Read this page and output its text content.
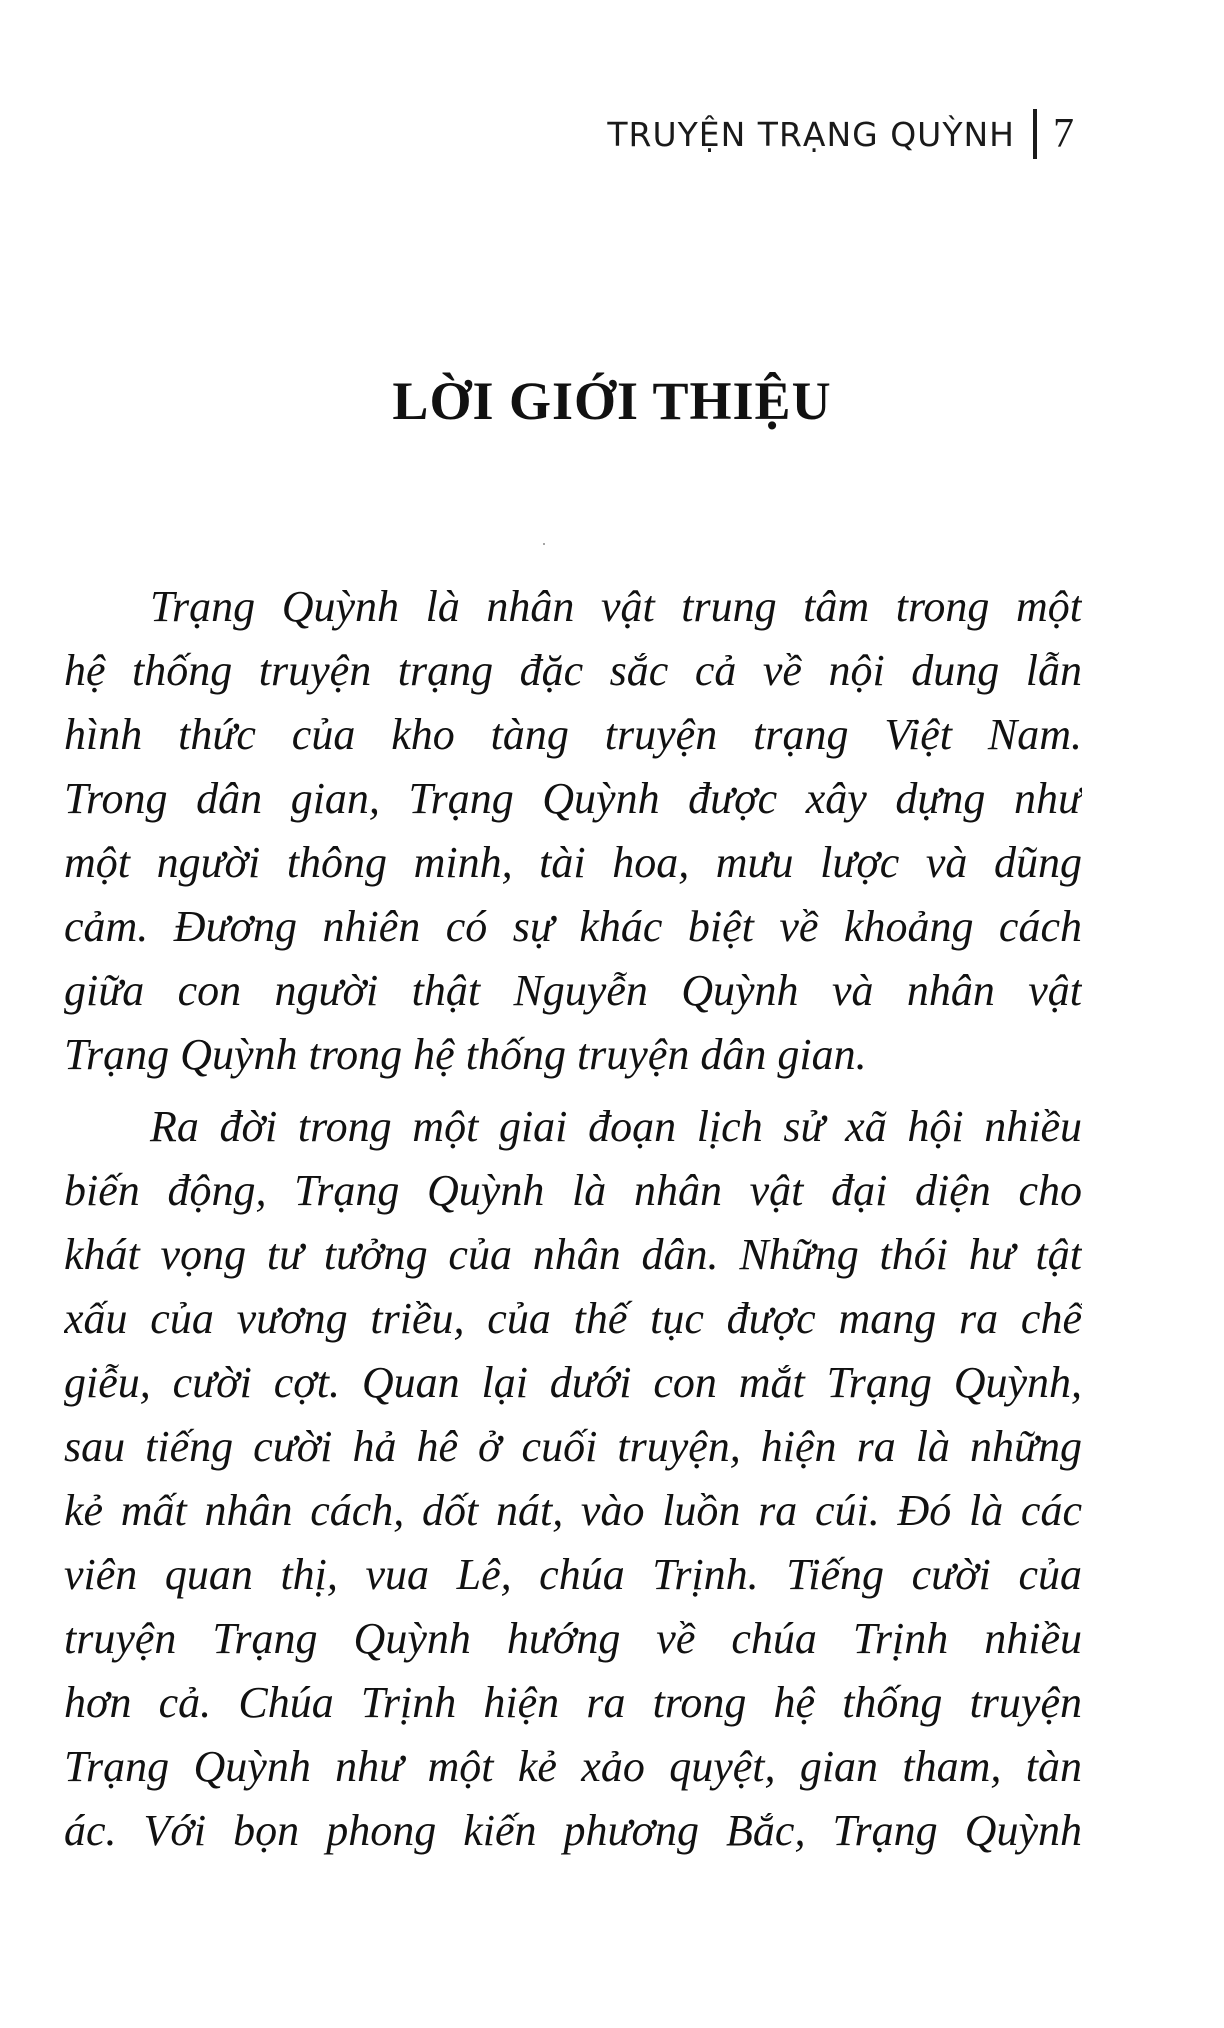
TRUYỆN TRẠNG QUỲNH 7
LỜI GIỚI THIỆU
Trạng Quỳnh là nhân vật trung tâm trong một
hệ thống truyện trạng đặc sắc cả về nội dung lẫn
hình thức của kho tàng truyện trạng Việt Nam.
Trong dân gian, Trạng Quỳnh được xây dựng như
một người thông minh, tài hoa, mưu lược và dũng
cảm. Đương nhiên có sự khác biệt về khoảng cách
giữa con người thật Nguyễn Quỳnh và nhân vật
Trạng Quỳnh trong hệ thống truyện dân gian.
Ra đời trong một giai đoạn lịch sử xã hội nhiều
biến động, Trạng Quỳnh là nhân vật đại diện cho
khát vọng tư tưởng của nhân dân. Những thói hư tật
xấu của vương triều, của thế tục được mang ra chế
giễu, cười cợt. Quan lại dưới con mắt Trạng Quỳnh,
sau tiếng cười hả hê ở cuối truyện, hiện ra là những
kẻ mất nhân cách, dốt nát, vào luồn ra cúi. Đó là các
viên quan thị, vua Lê, chúa Trịnh. Tiếng cười của
truyện Trạng Quỳnh hướng về chúa Trịnh nhiều
hơn cả. Chúa Trịnh hiện ra trong hệ thống truyện
Trạng Quỳnh như một kẻ xảo quyệt, gian tham, tàn
ác. Với bọn phong kiến phương Bắc, Trạng Quỳnh
